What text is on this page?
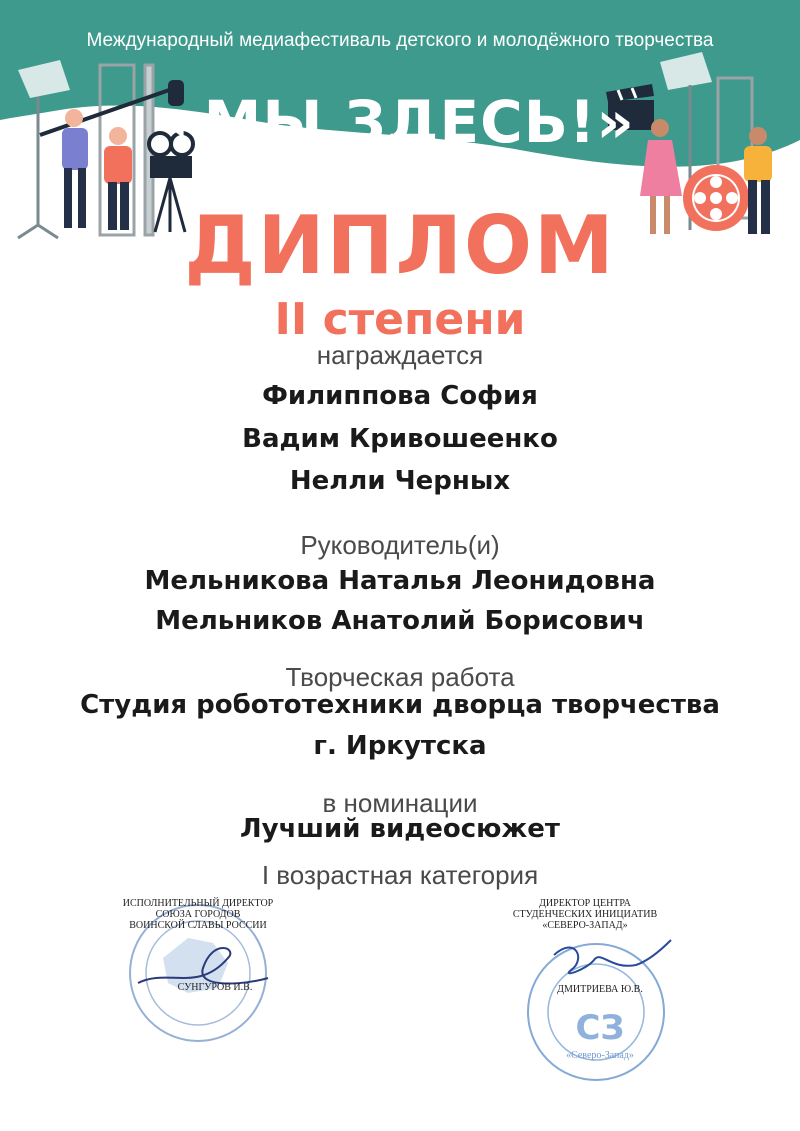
Международный медиафестиваль детского и молодёжного творчества
«МЫ ЗДЕСЬ!»
ДИПЛОМ
II степени
награждается
Филиппова София
Вадим Кривошеенко
Нелли Черных
Руководитель(и)
Мельникова Наталья Леонидовна
Мельников Анатолий Борисович
Творческая работа
Студия робототехники дворца творчества
г. Иркутска
в номинации
Лучший видеосюжет
I возрастная категория
ИСПОЛНИТЕЛЬНЫЙ ДИРЕКТОР
СОЮЗА ГОРОДОВ
ВОИНСКОЙ СЛАВЫ РОССИИ
СУНГУРОВ И.В.
ДИРЕКТОР ЦЕНТРА
СТУДЕНЧЕСКИХ ИНИЦИАТИВ
«СЕВЕРО-ЗАПАД»
ДМИТРИЕВА Ю.В.
СЗ
«Северо-Запад»
